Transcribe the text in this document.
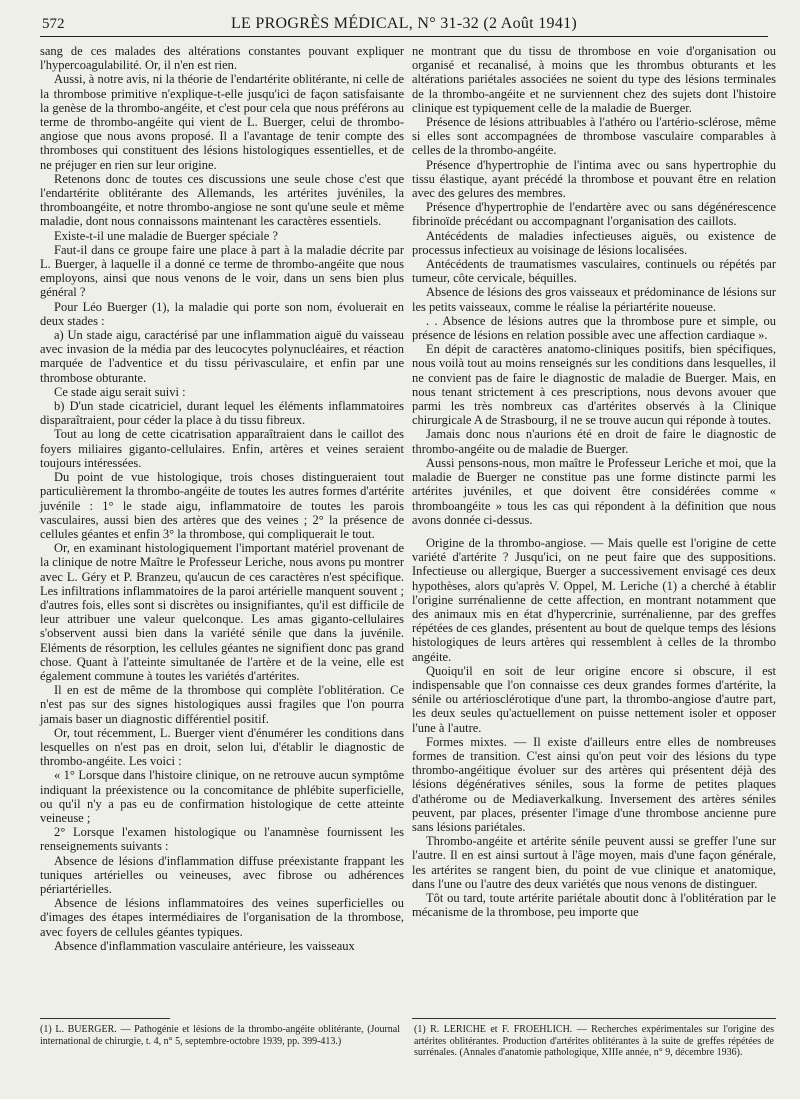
572	LE PROGRÈS MÉDICAL, N° 31-32 (2 Août 1941)

sang de ces malades des altérations constantes pouvant expliquer l'hypercoagulabilité. Or, il n'en est rien.

Aussi, à notre avis, ni la théorie de l'endartérite oblitérante, ni celle de la thrombose primitive n'explique-t-elle jusqu'ici de façon satisfaisante la genèse de la thrombo-angéite, et c'est pour cela que nous préférons au terme de thrombo-angéite qui vient de L. Buerger, celui de thrombo-angiose que nous avons proposé. Il a l'avantage de tenir compte des thromboses qui constituent des lésions histologiques essentielles, et de ne préjuger en rien sur leur origine.

Retenons donc de toutes ces discussions une seule chose c'est que l'endartérite oblitérante des Allemands, les artérites juvéniles, la thromboangéite, et notre thrombo-angiose ne sont qu'une seule et même maladie, dont nous connaissons maintenant les caractères essentiels.

Existe-t-il une maladie de Buerger spéciale ?

Faut-il dans ce groupe faire une place à part à la maladie décrite par L. Buerger, à laquelle il a donné ce terme de thrombo-angéite que nous employons, ainsi que nous venons de le voir, dans un sens bien plus général ?

Pour Léo Buerger (1), la maladie qui porte son nom, évoluerait en deux stades :

a) Un stade aigu, caractérisé par une inflammation aiguë du vaisseau avec invasion de la média par des leucocytes polynucléaires, et réaction marquée de l'adventice et du tissu périvasculaire, et enfin par une thrombose obturante.

Ce stade aigu serait suivi :

b) D'un stade cicatriciel, durant lequel les éléments inflammatoires disparaîtraient, pour céder la place à du tissu fibreux.

Tout au long de cette cicatrisation apparaîtraient dans le caillot des foyers miliaires giganto-cellulaires. Enfin, artères et veines seraient toujours intéressées.

Du point de vue histologique, trois choses distingueraient tout particulièrement la thrombo-angéite de toutes les autres formes d'artérite juvénile : 1° le stade aigu, inflammatoire de toutes les parois vasculaires, aussi bien des artères que des veines ; 2° la présence de cellules géantes et enfin 3° la thrombose, qui compliquerait le tout.

Or, en examinant histologiquement l'important matériel provenant de la clinique de notre Maître le Professeur Leriche, nous avons pu montrer avec L. Géry et P. Branzeu, qu'aucun de ces caractères n'est spécifique. Les infiltrations inflammatoires de la paroi artérielle manquent souvent ; d'autres fois, elles sont si discrètes ou insignifiantes, qu'il est difficile de leur attribuer une valeur quelconque. Les amas giganto-cellulaires s'observent aussi bien dans la variété sénile que dans la juvénile. Eléments de résorption, les cellules géantes ne signifient donc pas grand chose. Quant à l'atteinte simultanée de l'artère et de la veine, elle est également commune à toutes les variétés d'artérites.

Il en est de même de la thrombose qui complète l'oblitération. Ce n'est pas sur des signes histologiques aussi fragiles que l'on pourra jamais baser un diagnostic différentiel positif.

Or, tout récemment, L. Buerger vient d'énumérer les conditions dans lesquelles on n'est pas en droit, selon lui, d'établir le diagnostic de thrombo-angéite. Les voici :

« 1° Lorsque dans l'histoire clinique, on ne retrouve aucun symptôme indiquant la préexistence ou la concomitance de phlébite superficielle, ou qu'il n'y a pas eu de confirmation histologique de cette atteinte veineuse ;

2° Lorsque l'examen histologique ou l'anamnèse fournissent les renseignements suivants :

Absence de lésions d'inflammation diffuse préexistante frappant les tuniques artérielles ou veineuses, avec fibrose ou adhérences périartérielles.

Absence de lésions inflammatoires des veines superficielles ou d'images des étapes intermédiaires de l'organisation de la thrombose, avec foyers de cellules géantes typiques.

Absence d'inflammation vasculaire antérieure, les vaisseaux

ne montrant que du tissu de thrombose en voie d'organisation ou organisé et recanalisé, à moins que les thrombus obturants et les altérations pariétales associées ne soient du type des lésions terminales de la thrombo-angéite et ne surviennent chez des sujets dont l'histoire clinique est typiquement celle de la maladie de Buerger.

Présence de lésions attribuables à l'athéro ou l'artério-sclérose, même si elles sont accompagnées de thrombose vasculaire comparables à celles de la thrombo-angéite.

Présence d'hypertrophie de l'intima avec ou sans hypertrophie du tissu élastique, ayant précédé la thrombose et pouvant être en relation avec des gelures des membres.

Présence d'hypertrophie de l'endartère avec ou sans dégénérescence fibrinoïde précédant ou accompagnant l'organisation des caillots.

Antécédents de maladies infectieuses aiguës, ou existence de processus infectieux au voisinage de lésions localisées.

Antécédents de traumatismes vasculaires, continuels ou répétés par tumeur, côte cervicale, béquilles.

Absence de lésions des gros vaisseaux et prédominance de lésions sur les petits vaisseaux, comme le réalise la périartérite noueuse.

. . Absence de lésions autres que la thrombose pure et simple, ou présence de lésions en relation possible avec une affection cardiaque ».

En dépit de caractères anatomo-cliniques positifs, bien spécifiques, nous voilà tout au moins renseignés sur les conditions dans lesquelles, il ne convient pas de faire le diagnostic de maladie de Buerger. Mais, en nous tenant strictement à ces prescriptions, nous devons avouer que parmi les très nombreux cas d'artérites observés à la Clinique chirurgicale A de Strasbourg, il ne se trouve aucun qui réponde à toutes.

Jamais donc nous n'aurions été en droit de faire le diagnostic de thrombo-angéite ou de maladie de Buerger.

Aussi pensons-nous, mon maître le Professeur Leriche et moi, que la maladie de Buerger ne constitue pas une forme distincte parmi les artérites juvéniles, et que doivent être considérées comme « thromboangéite » tous les cas qui répondent à la définition que nous avons donnée ci-dessus.

Origine de la thrombo-angiose. — Mais quelle est l'origine de cette variété d'artérite ? Jusqu'ici, on ne peut faire que des suppositions. Infectieuse ou allergique, Buerger a successivement envisagé ces deux hypothèses, alors qu'après V. Oppel, M. Leriche (1) a cherché à établir l'origine surrénalienne de cette affection, en montrant notamment que des animaux mis en état d'hypercrinie, surrénalienne, par des greffes répétées de ces glandes, présentent au bout de quelque temps des lésions histologiques de leurs artères qui ressemblent à celles de la thrombo angéite.

Quoiqu'il en soit de leur origine encore si obscure, il est indispensable que l'on connaisse ces deux grandes formes d'artérite, la sénile ou artériosclérotique d'une part, la thrombo-angiose d'autre part, les deux seules qu'actuellement on puisse nettement isoler et opposer l'une à l'autre.

Formes mixtes. — Il existe d'ailleurs entre elles de nombreuses formes de transition. C'est ainsi qu'on peut voir des lésions du type thrombo-angéitique évoluer sur des artères qui présentent déjà des lésions dégénératives séniles, sous la forme de petites plaques d'athérome ou de Mediaverkalkung. Inversement des artères séniles peuvent, par places, présenter l'image d'une thrombose ancienne pure sans lésions pariétales.

Thrombo-angéite et artérite sénile peuvent aussi se greffer l'une sur l'autre. Il en est ainsi surtout à l'âge moyen, mais d'une façon générale, les artérites se rangent bien, du point de vue clinique et anatomique, dans l'une ou l'autre des deux variétés que nous venons de distinguer.

Tôt ou tard, toute artérite pariétale aboutit donc à l'oblitération par le mécanisme de la thrombose, peu importe que

(1) L. BUERGER. — Pathogénie et lésions de la thrombo-angéite oblitérante, (Journal international de chirurgie, t. 4, n° 5, septembre-octobre 1939, pp. 399-413.)
(1) R. LERICHE et F. FROEHLICH. — Recherches expérimentales sur l'origine des artérites oblitérantes. Production d'artérites oblitérantes à la suite de greffes répétées de surrénales. (Annales d'anatomie pathologique, XIIIe année, n° 9, décembre 1936).
